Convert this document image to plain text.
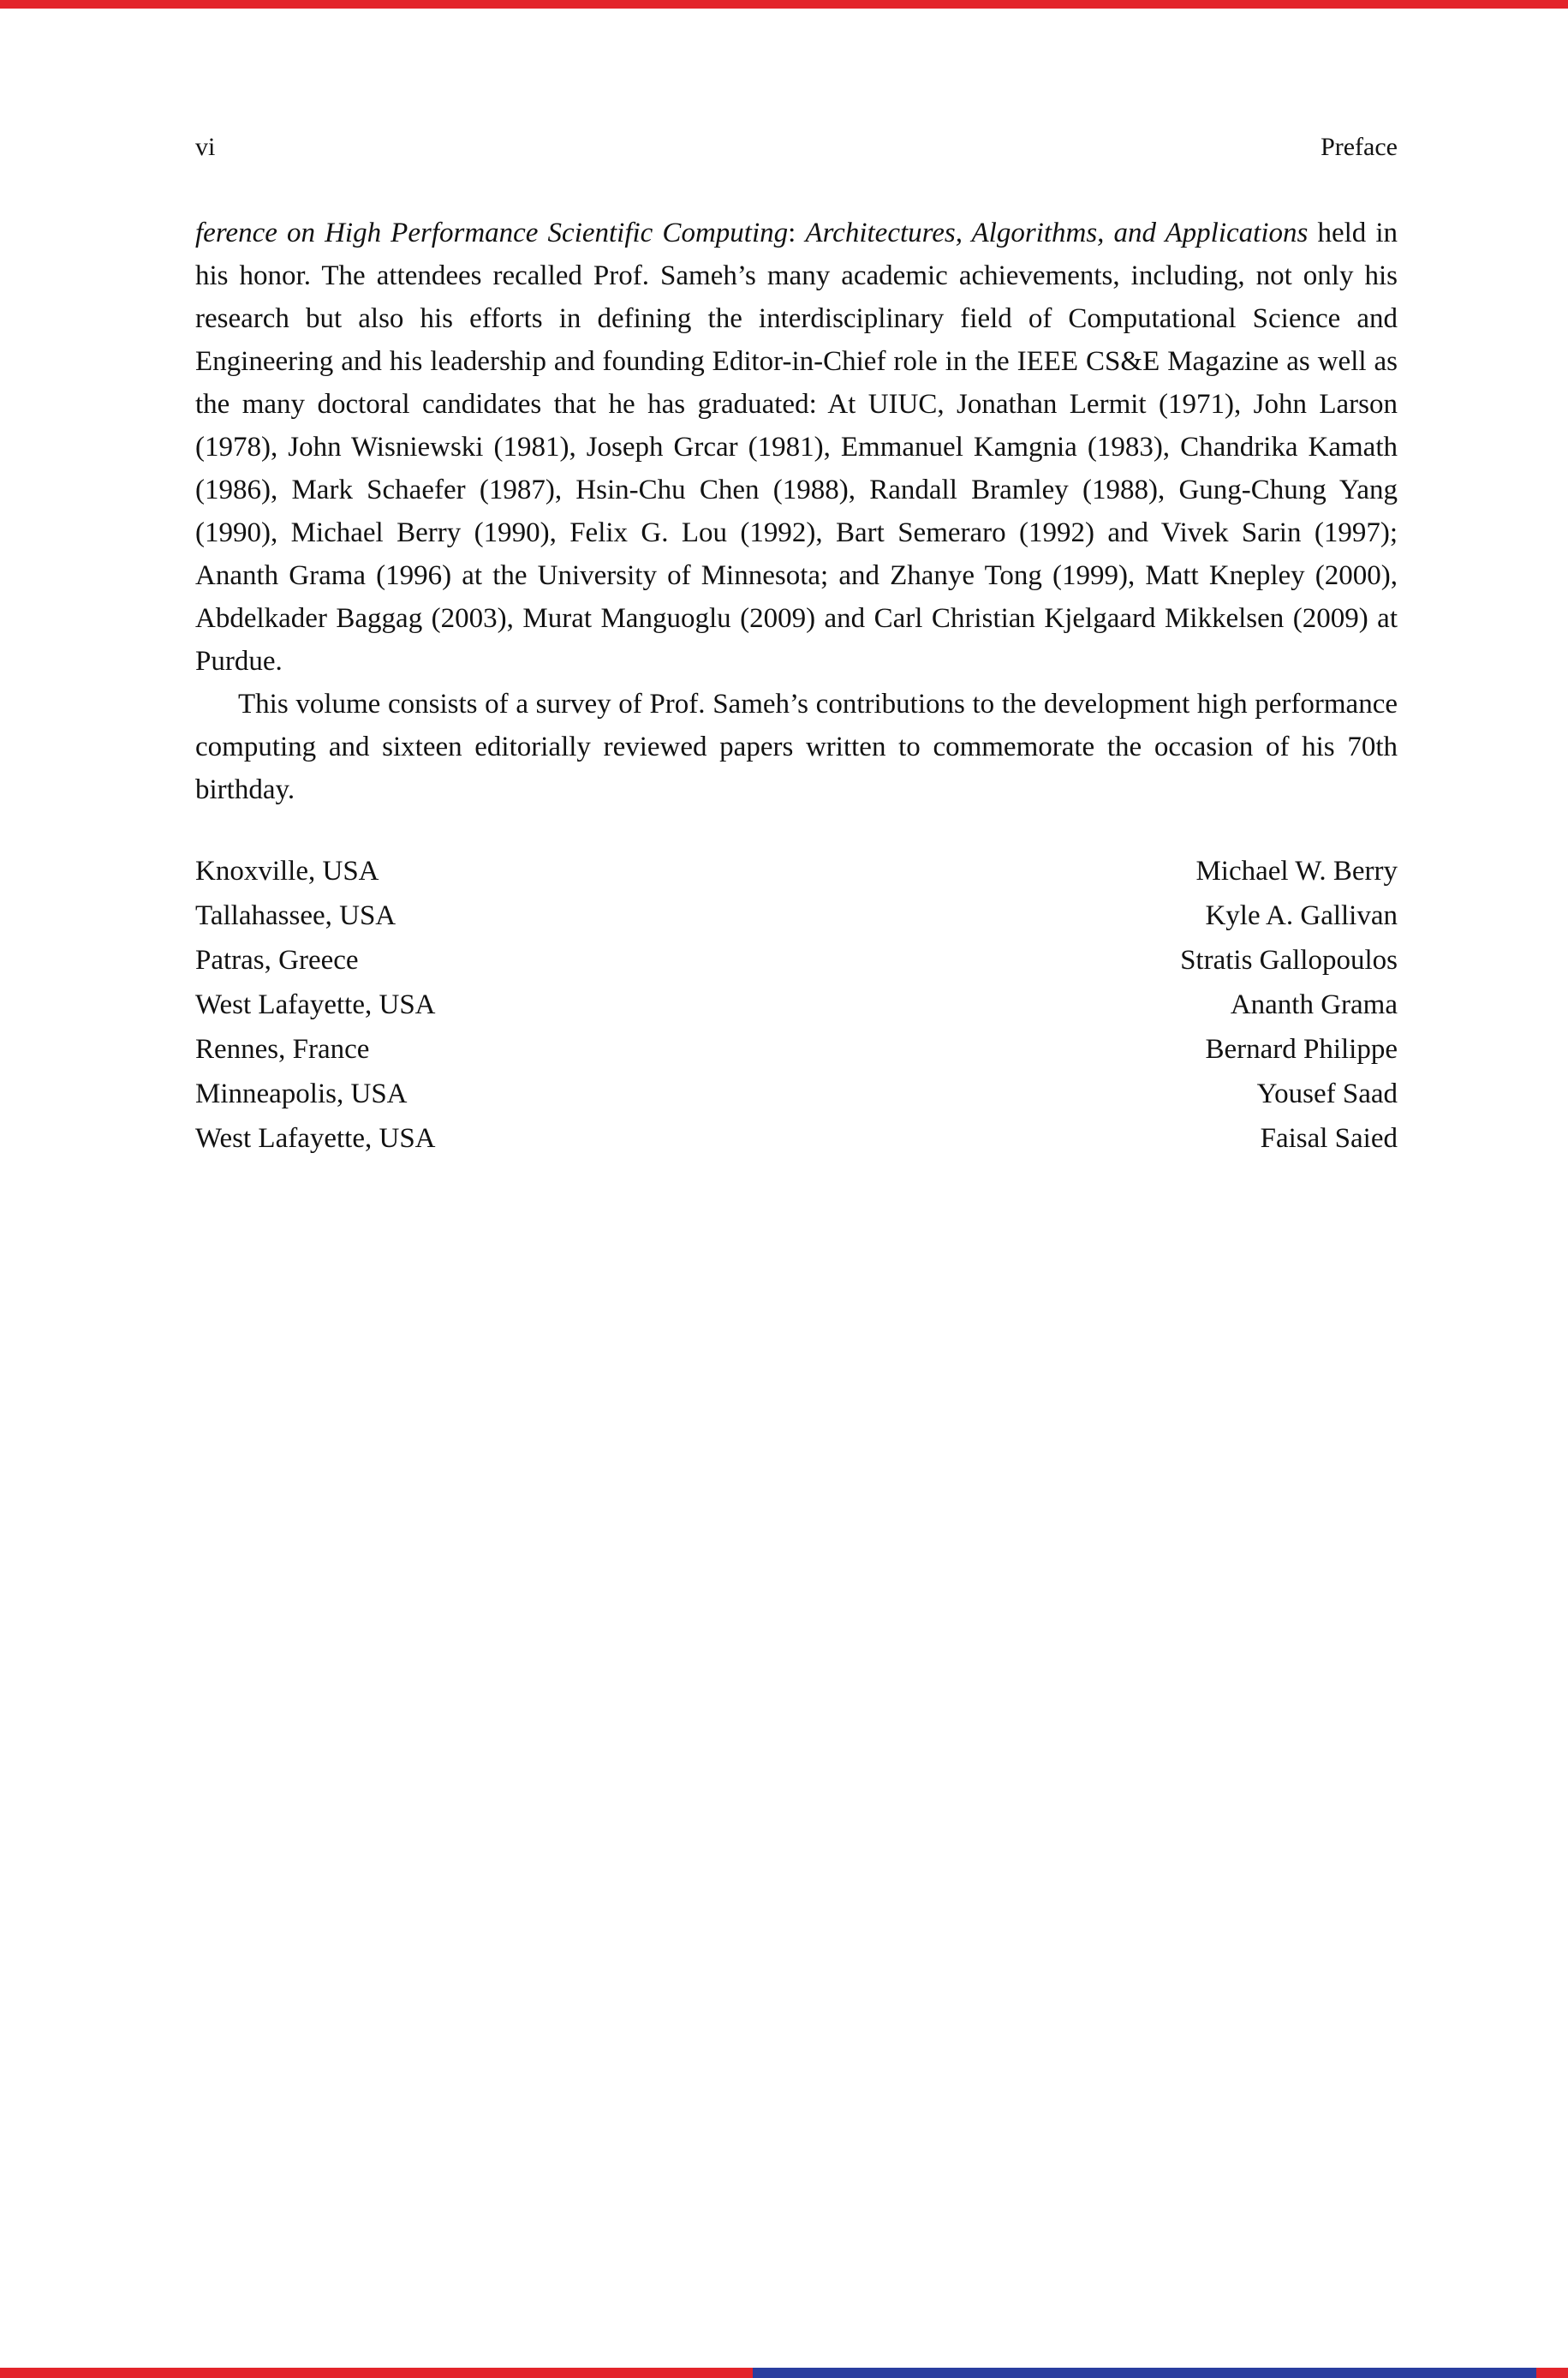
vi	Preface

ference on High Performance Scientific Computing: Architectures, Algorithms, and Applications held in his honor. The attendees recalled Prof. Sameh’s many academic achievements, including, not only his research but also his efforts in defining the interdisciplinary field of Computational Science and Engineering and his leadership and founding Editor-in-Chief role in the IEEE CS&E Magazine as well as the many doctoral candidates that he has graduated: At UIUC, Jonathan Lermit (1971), John Larson (1978), John Wisniewski (1981), Joseph Grcar (1981), Emmanuel Kamgnia (1983), Chandrika Kamath (1986), Mark Schaefer (1987), Hsin-Chu Chen (1988), Randall Bramley (1988), Gung-Chung Yang (1990), Michael Berry (1990), Felix G. Lou (1992), Bart Semeraro (1992) and Vivek Sarin (1997); Ananth Grama (1996) at the University of Minnesota; and Zhanye Tong (1999), Matt Knepley (2000), Abdelkader Baggag (2003), Murat Manguoglu (2009) and Carl Christian Kjelgaard Mikkelsen (2009) at Purdue.

This volume consists of a survey of Prof. Sameh’s contributions to the development high performance computing and sixteen editorially reviewed papers written to commemorate the occasion of his 70th birthday.

Knoxville, USA	Michael W. Berry
Tallahassee, USA	Kyle A. Gallivan
Patras, Greece	Stratis Gallopoulos
West Lafayette, USA	Ananth Grama
Rennes, France	Bernard Philippe
Minneapolis, USA	Yousef Saad
West Lafayette, USA	Faisal Saied
